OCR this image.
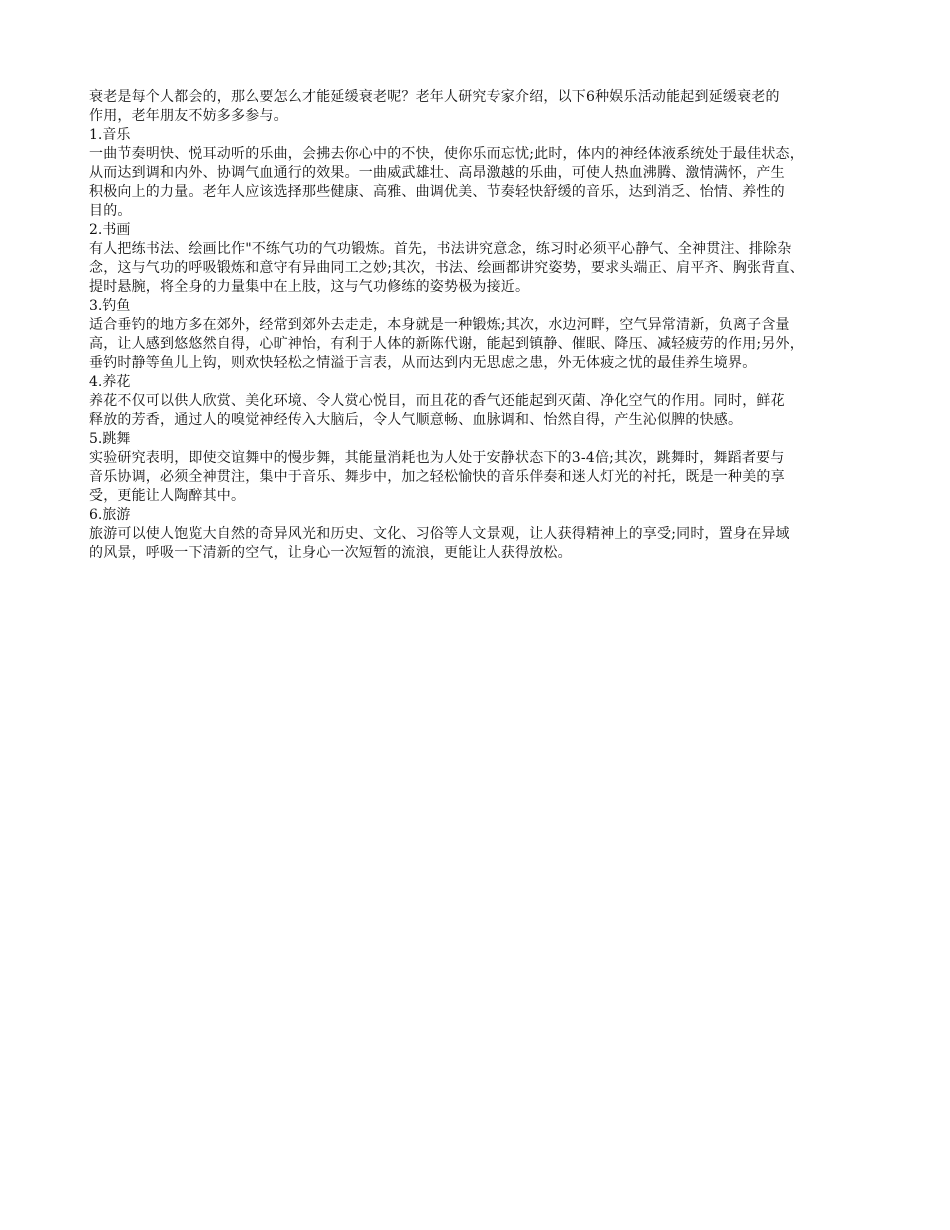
衰老是每个人都会的，那么要怎么才能延缓衰老呢？老年人研究专家介绍，以下6种娱乐活动能起到延缓衰老的
作用，老年朋友不妨多多参与。

1.音乐

一曲节奏明快、悦耳动听的乐曲，会拂去你心中的不快，使你乐而忘忧;此时，体内的神经体液系统处于最佳状态，
从而达到调和内外、协调气血通行的效果。一曲威武雄壮、高昂激越的乐曲，可使人热血沸腾、激情满怀，产生
积极向上的力量。老年人应该选择那些健康、高雅、曲调优美、节奏轻快舒缓的音乐，达到消乏、怡情、养性的
目的。

2.书画

有人把练书法、绘画比作"不练气功的气功锻炼。首先，书法讲究意念，练习时必须平心静气、全神贯注、排除杂
念，这与气功的呼吸锻炼和意守有异曲同工之妙;其次，书法、绘画都讲究姿势，要求头端正、肩平齐、胸张背直、
提时悬腕，将全身的力量集中在上肢，这与气功修练的姿势极为接近。

3.钓鱼

适合垂钓的地方多在郊外，经常到郊外去走走，本身就是一种锻炼;其次，水边河畔，空气异常清新，负离子含量
高，让人感到悠悠然自得，心旷神怡，有利于人体的新陈代谢，能起到镇静、催眠、降压、减轻疲劳的作用;另外，
垂钓时静等鱼儿上钩，则欢快轻松之情溢于言表，从而达到内无思虑之患，外无体疲之忧的最佳养生境界。

4.养花

养花不仅可以供人欣赏、美化环境、令人赏心悦目，而且花的香气还能起到灭菌、净化空气的作用。同时，鲜花
释放的芳香，通过人的嗅觉神经传入大脑后，令人气顺意畅、血脉调和、怡然自得，产生沁似脾的快感。

5.跳舞

实验研究表明，即使交谊舞中的慢步舞，其能量消耗也为人处于安静状态下的3-4倍;其次，跳舞时，舞蹈者要与
音乐协调，必须全神贯注，集中于音乐、舞步中，加之轻松愉快的音乐伴奏和迷人灯光的衬托，既是一种美的享
受，更能让人陶醉其中。

6.旅游

旅游可以使人饱览大自然的奇异风光和历史、文化、习俗等人文景观，让人获得精神上的享受;同时，置身在异域
的风景，呼吸一下清新的空气，让身心一次短暂的流浪，更能让人获得放松。
